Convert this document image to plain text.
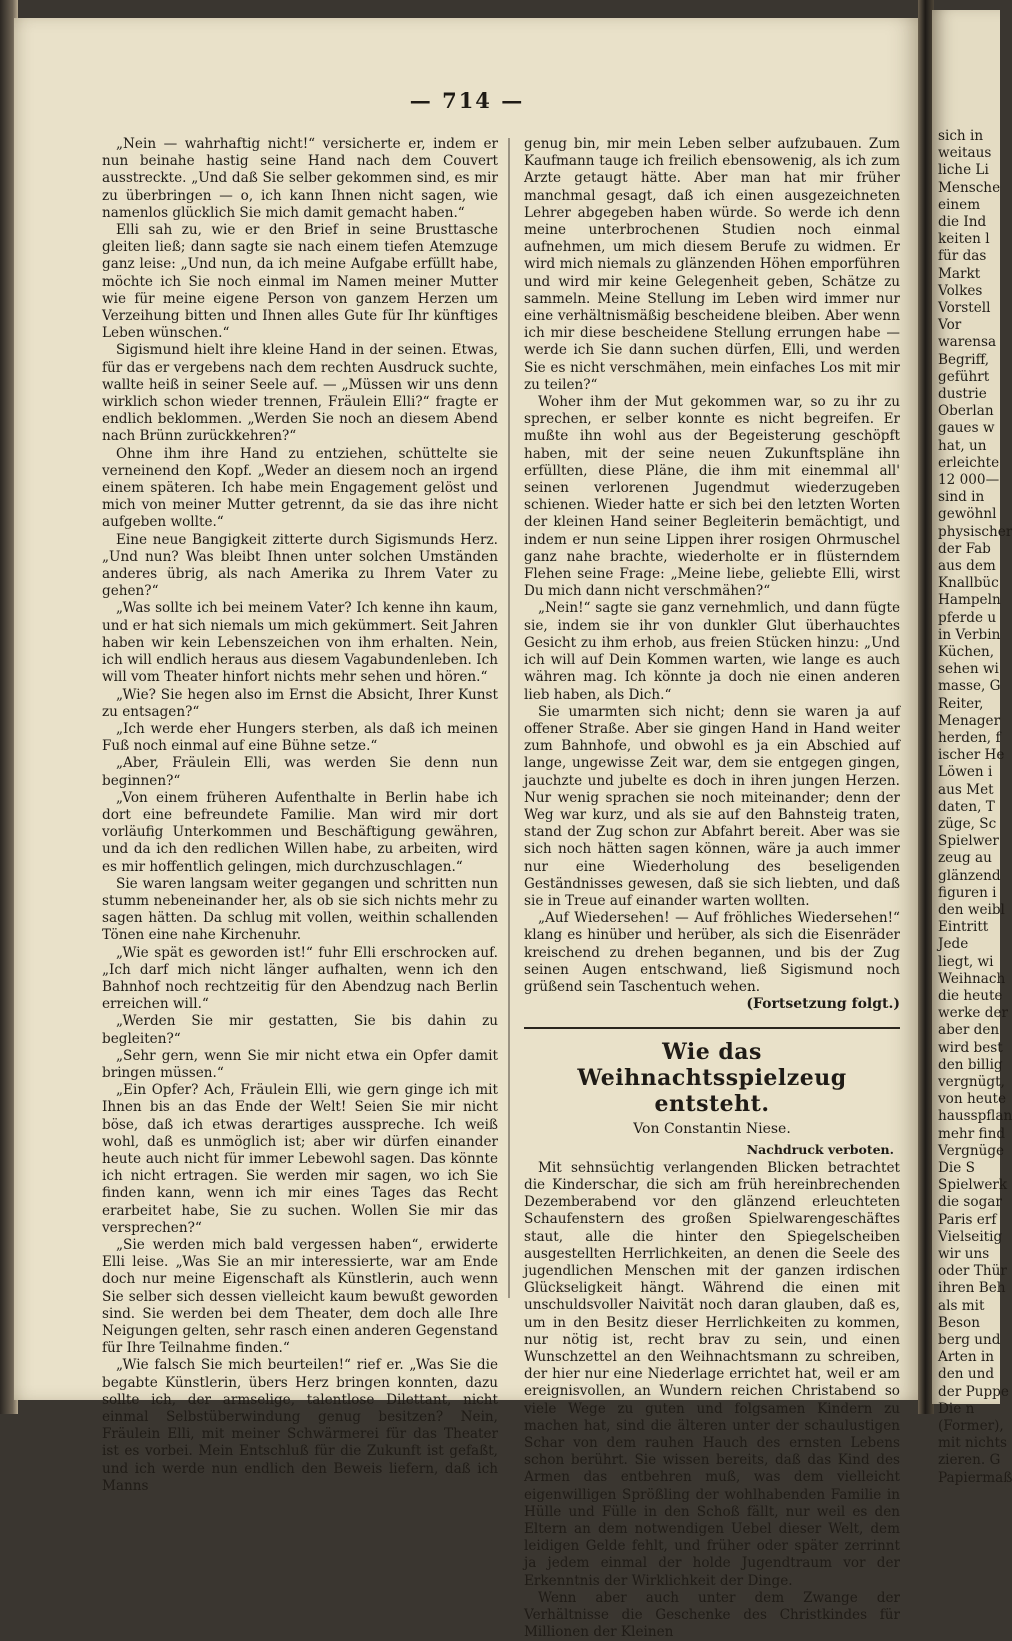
— 714 —

„Nein — wahrhaftig nicht!“ versicherte er, indem er nun beinahe hastig seine Hand nach dem Couvert ausstreckte. „Und daß Sie selber gekommen sind, es mir zu überbringen — o, ich kann Ihnen nicht sagen, wie namenlos glücklich Sie mich damit gemacht haben.“

Elli sah zu, wie er den Brief in seine Brusttasche gleiten ließ; dann sagte sie nach einem tiefen Atemzuge ganz leise: „Und nun, da ich meine Aufgabe erfüllt habe, möchte ich Sie noch einmal im Namen meiner Mutter wie für meine eigene Person von ganzem Herzen um Verzeihung bitten und Ihnen alles Gute für Ihr künftiges Leben wünschen.“

Sigismund hielt ihre kleine Hand in der seinen. Etwas, für das er vergebens nach dem rechten Ausdruck suchte, wallte heiß in seiner Seele auf. — „Müssen wir uns denn wirklich schon wieder trennen, Fräulein Elli?“ fragte er endlich beklommen. „Werden Sie noch an diesem Abend nach Brünn zurückkehren?“

Ohne ihm ihre Hand zu entziehen, schüttelte sie verneinend den Kopf. „Weder an diesem noch an irgend einem späteren. Ich habe mein Engagement gelöst und mich von meiner Mutter getrennt, da sie das ihre nicht aufgeben wollte.“

Eine neue Bangigkeit zitterte durch Sigismunds Herz. „Und nun? Was bleibt Ihnen unter solchen Umständen anderes übrig, als nach Amerika zu Ihrem Vater zu gehen?“

„Was sollte ich bei meinem Vater? Ich kenne ihn kaum, und er hat sich niemals um mich gekümmert. Seit Jahren haben wir kein Lebenszeichen von ihm erhalten. Nein, ich will endlich heraus aus diesem Vagabundenleben. Ich will vom Theater hinfort nichts mehr sehen und hören.“

„Wie? Sie hegen also im Ernst die Absicht, Ihrer Kunst zu entsagen?“

„Ich werde eher Hungers sterben, als daß ich meinen Fuß noch einmal auf eine Bühne setze.“

„Aber, Fräulein Elli, was werden Sie denn nun beginnen?“

„Von einem früheren Aufenthalte in Berlin habe ich dort eine befreundete Familie. Man wird mir dort vorläufig Unterkommen und Beschäftigung gewähren, und da ich den redlichen Willen habe, zu arbeiten, wird es mir hoffentlich gelingen, mich durchzuschlagen.“

Sie waren langsam weiter gegangen und schritten nun stumm nebeneinander her, als ob sie sich nichts mehr zu sagen hätten. Da schlug mit vollen, weithin schallenden Tönen eine nahe Kirchenuhr.

„Wie spät es geworden ist!“ fuhr Elli erschrocken auf. „Ich darf mich nicht länger aufhalten, wenn ich den Bahnhof noch rechtzeitig für den Abendzug nach Berlin erreichen will.“

„Werden Sie mir gestatten, Sie bis dahin zu begleiten?“

„Sehr gern, wenn Sie mir nicht etwa ein Opfer damit bringen müssen.“

„Ein Opfer? Ach, Fräulein Elli, wie gern ginge ich mit Ihnen bis an das Ende der Welt! Seien Sie mir nicht böse, daß ich etwas derartiges ausspreche. Ich weiß wohl, daß es unmöglich ist; aber wir dürfen einander heute auch nicht für immer Lebewohl sagen. Das könnte ich nicht ertragen. Sie werden mir sagen, wo ich Sie finden kann, wenn ich mir eines Tages das Recht erarbeitet habe, Sie zu suchen. Wollen Sie mir das versprechen?“

„Sie werden mich bald vergessen haben“, erwiderte Elli leise. „Was Sie an mir interessierte, war am Ende doch nur meine Eigenschaft als Künstlerin, auch wenn Sie selber sich dessen vielleicht kaum bewußt geworden sind. Sie werden bei dem Theater, dem doch alle Ihre Neigungen gelten, sehr rasch einen anderen Gegenstand für Ihre Teilnahme finden.“

„Wie falsch Sie mich beurteilen!“ rief er. „Was Sie die begabte Künstlerin, übers Herz bringen konnten, dazu sollte ich, der armselige, talentlose Dilettant, nicht einmal Selbstüberwindung genug besitzen? Nein, Fräulein Elli, mit meiner Schwärmerei für das Theater ist es vorbei. Mein Entschluß für die Zukunft ist gefaßt, und ich werde nun endlich den Beweis liefern, daß ich Manns

genug bin, mir mein Leben selber aufzubauen. Zum Kaufmann tauge ich freilich ebensowenig, als ich zum Arzte getaugt hätte. Aber man hat mir früher manchmal gesagt, daß ich einen ausgezeichneten Lehrer abgegeben haben würde. So werde ich denn meine unterbrochenen Studien noch einmal aufnehmen, um mich diesem Berufe zu widmen. Er wird mich niemals zu glänzenden Höhen emporführen und wird mir keine Gelegenheit geben, Schätze zu sammeln. Meine Stellung im Leben wird immer nur eine verhältnismäßig bescheidene bleiben. Aber wenn ich mir diese bescheidene Stellung errungen habe — werde ich Sie dann suchen dürfen, Elli, und werden Sie es nicht verschmähen, mein einfaches Los mit mir zu teilen?“

Woher ihm der Mut gekommen war, so zu ihr zu sprechen, er selber konnte es nicht begreifen. Er mußte ihn wohl aus der Begeisterung geschöpft haben, mit der seine neuen Zukunftspläne ihn erfüllten, diese Pläne, die ihm mit einemmal all' seinen verlorenen Jugendmut wiederzugeben schienen. Wieder hatte er sich bei den letzten Worten der kleinen Hand seiner Begleiterin bemächtigt, und indem er nun seine Lippen ihrer rosigen Ohrmuschel ganz nahe brachte, wiederholte er in flüsterndem Flehen seine Frage: „Meine liebe, geliebte Elli, wirst Du mich dann nicht verschmähen?“

„Nein!“ sagte sie ganz vernehmlich, und dann fügte sie, indem sie ihr von dunkler Glut überhauchtes Gesicht zu ihm erhob, aus freien Stücken hinzu: „Und ich will auf Dein Kommen warten, wie lange es auch währen mag. Ich könnte ja doch nie einen anderen lieb haben, als Dich.“

Sie umarmten sich nicht; denn sie waren ja auf offener Straße. Aber sie gingen Hand in Hand weiter zum Bahnhofe, und obwohl es ja ein Abschied auf lange, ungewisse Zeit war, dem sie entgegen gingen, jauchzte und jubelte es doch in ihren jungen Herzen. Nur wenig sprachen sie noch miteinander; denn der Weg war kurz, und als sie auf den Bahnsteig traten, stand der Zug schon zur Abfahrt bereit. Aber was sie sich noch hätten sagen können, wäre ja auch immer nur eine Wiederholung des beseligenden Geständnisses gewesen, daß sie sich liebten, und daß sie in Treue auf einander warten wollten.

„Auf Wiedersehen! — Auf fröhliches Wiedersehen!“ klang es hinüber und herüber, als sich die Eisenräder kreischend zu drehen begannen, und bis der Zug seinen Augen entschwand, ließ Sigismund noch grüßend sein Taschentuch wehen.

(Fortsetzung folgt.)

Wie das Weihnachtsspielzeug entsteht.
Von Constantin Niese.
Nachdruck verboten.

Mit sehnsüchtig verlangenden Blicken betrachtet die Kinderschar, die sich am früh hereinbrechenden Dezemberabend vor den glänzend erleuchteten Schaufenstern des großen Spielwarengeschäftes staut, alle die hinter den Spiegelscheiben ausgestellten Herrlichkeiten, an denen die Seele des jugendlichen Menschen mit der ganzen irdischen Glückseligkeit hängt. Während die einen mit unschuldsvoller Naivität noch daran glauben, daß es, um in den Besitz dieser Herrlichkeiten zu kommen, nur nötig ist, recht brav zu sein, und einen Wunschzettel an den Weihnachtsmann zu schreiben, der hier nur eine Niederlage errichtet hat, weil er am ereignisvollen, an Wundern reichen Christabend so viele Wege zu guten und folgsamen Kindern zu machen hat, sind die älteren unter der schaulustigen Schar von dem rauhen Hauch des ernsten Lebens schon berührt. Sie wissen bereits, daß das Kind des Armen das entbehren muß, was dem vielleicht eigenwilligen Sprößling der wohlhabenden Familie in Hülle und Fülle in den Schoß fällt, nur weil es den Eltern an dem notwendigen Uebel dieser Welt, dem leidigen Gelde fehlt, und früher oder später zerrinnt ja jedem einmal der holde Jugendtraum vor der Erkenntnis der Wirklichkeit der Dinge.

Wenn aber auch unter dem Zwange der Verhältnisse die Geschenke des Christkindes für Millionen der Kleinen

sich in
weitaus
liche Li
Mensche
einem
die Ind
keiten l
für das
Markt
Volkes
Vorstell
Vor
warensa
Begriff,
geführt
dustrie
Oberlan
gaues w
hat, un
erleichte
12 000—
sind in
gewöhnl
physischer
der Fab
aus dem
Knallbüc
Hampeln
pferde u
in Verbin
Küchen,
sehen wi
masse, G
Reiter,
Menager
herden, f
ischer He
Löwen i
aus Met
daten, T
züge, Sc
Spielwer
zeug au
glänzend
figuren i
den weibl
Eintritt
Jede
liegt, wi
Weihnach
die heute
werke der
aber den
wird best
den billig
vergnügt,
von heute
hausspflan
mehr find
Vergnüge
Die S
Spielwerk
die sogar
Paris erf
Vielseitig
wir uns
oder Thür
ihren Beh
als mit
Beson
berg und
Arten in
den und
der Puppe
Die n
(Former),
mit nichts
zieren. G
Papiermaß
